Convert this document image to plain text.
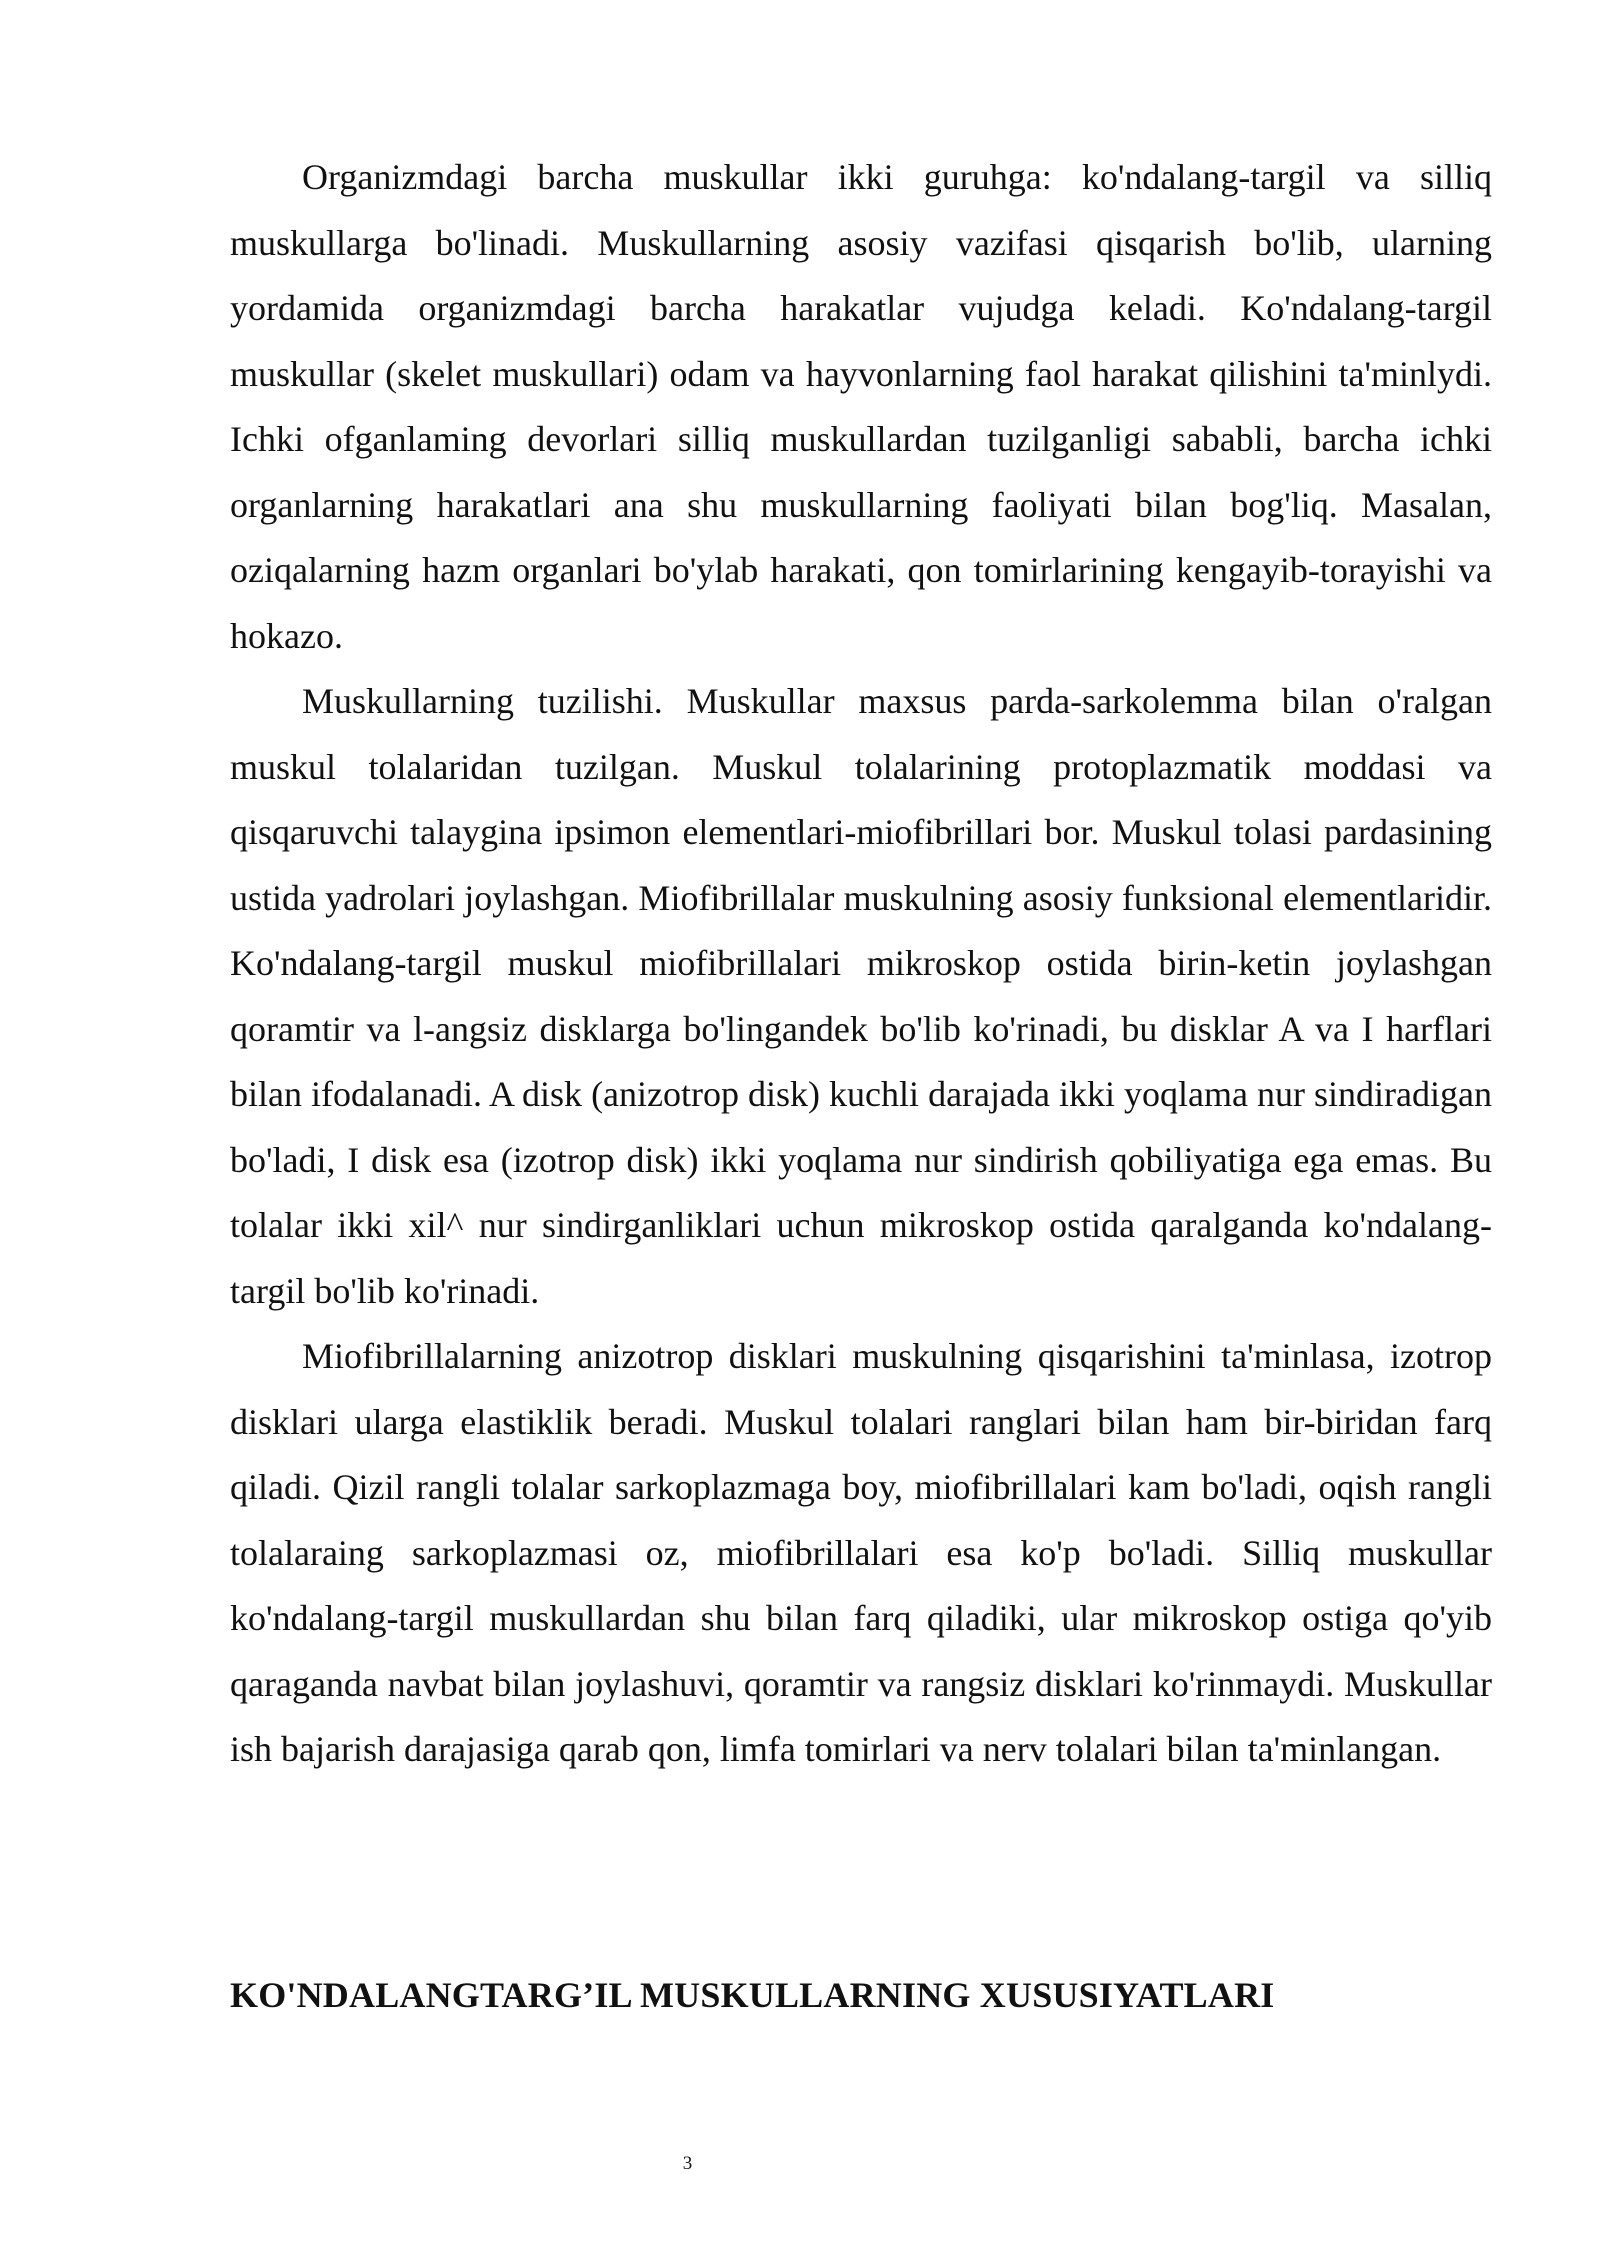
Organizmdagi barcha muskullar ikki guruhga: ko'ndalang-targil va silliq muskullarga bo'linadi. Muskullarning asosiy vazifasi qisqarish bo'lib, ularning yordamida organizmdagi barcha harakatlar vujudga keladi. Ko'ndalang-targil muskullar (skelet muskullari) odam va hayvonlarning faol harakat qilishini ta'minlydi. Ichki ofganlaming devorlari silliq muskullardan tuzilganligi sababli, barcha ichki organlarning harakatlari ana shu muskullarning faoliyati bilan bog'liq. Masalan, oziqalarning hazm organlari bo'ylab harakati, qon tomirlarining kengayib-torayishi va hokazo.

Muskullarning tuzilishi. Muskullar maxsus parda-sarkolemma bilan o'ralgan muskul tolalaridan tuzilgan. Muskul tolalarining protoplazmatik moddasi va qisqaruvchi talaygina ipsimon elementlari-miofibrillari bor. Muskul tolasi pardasining ustida yadrolari joylashgan. Miofibrillalar muskulning asosiy funksional elementlaridir. Ko'ndalang-targil muskul miofibrillalari mikroskop ostida birin-ketin joylashgan qoramtir va l-angsiz disklarga bo'lingandek bo'lib ko'rinadi, bu disklar A va I harflari bilan ifodalanadi. A disk (anizotrop disk) kuchli darajada ikki yoqlama nur sindiradigan bo'ladi, I disk esa (izotrop disk) ikki yoqlama nur sindirish qobiliyatiga ega emas. Bu tolalar ikki xil^ nur sindirganliklari uchun mikroskop ostida qaralganda ko'ndalang-targil bo'lib ko'rinadi.

Miofibrillalarning anizotrop disklari muskulning qisqarishini ta'minlasa, izotrop disklari ularga elastiklik beradi. Muskul tolalari ranglari bilan ham bir-biridan farq qiladi. Qizil rangli tolalar sarkoplazmaga boy, miofibrillalari kam bo'ladi, oqish rangli tolalaraing sarkoplazmasi oz, miofibrillalari esa ko'p bo'ladi. Silliq muskullar ko'ndalang-targil muskullardan shu bilan farq qiladiki, ular mikroskop ostiga qo'yib qaraganda navbat bilan joylashuvi, qoramtir va rangsiz disklari ko'rinmaydi. Muskullar ish bajarish darajasiga qarab qon, limfa tomirlari va nerv tolalari bilan ta'minlangan.

KO'NDALANGTARG’IL MUSKULLARNING XUSUSIYATLARI
3
